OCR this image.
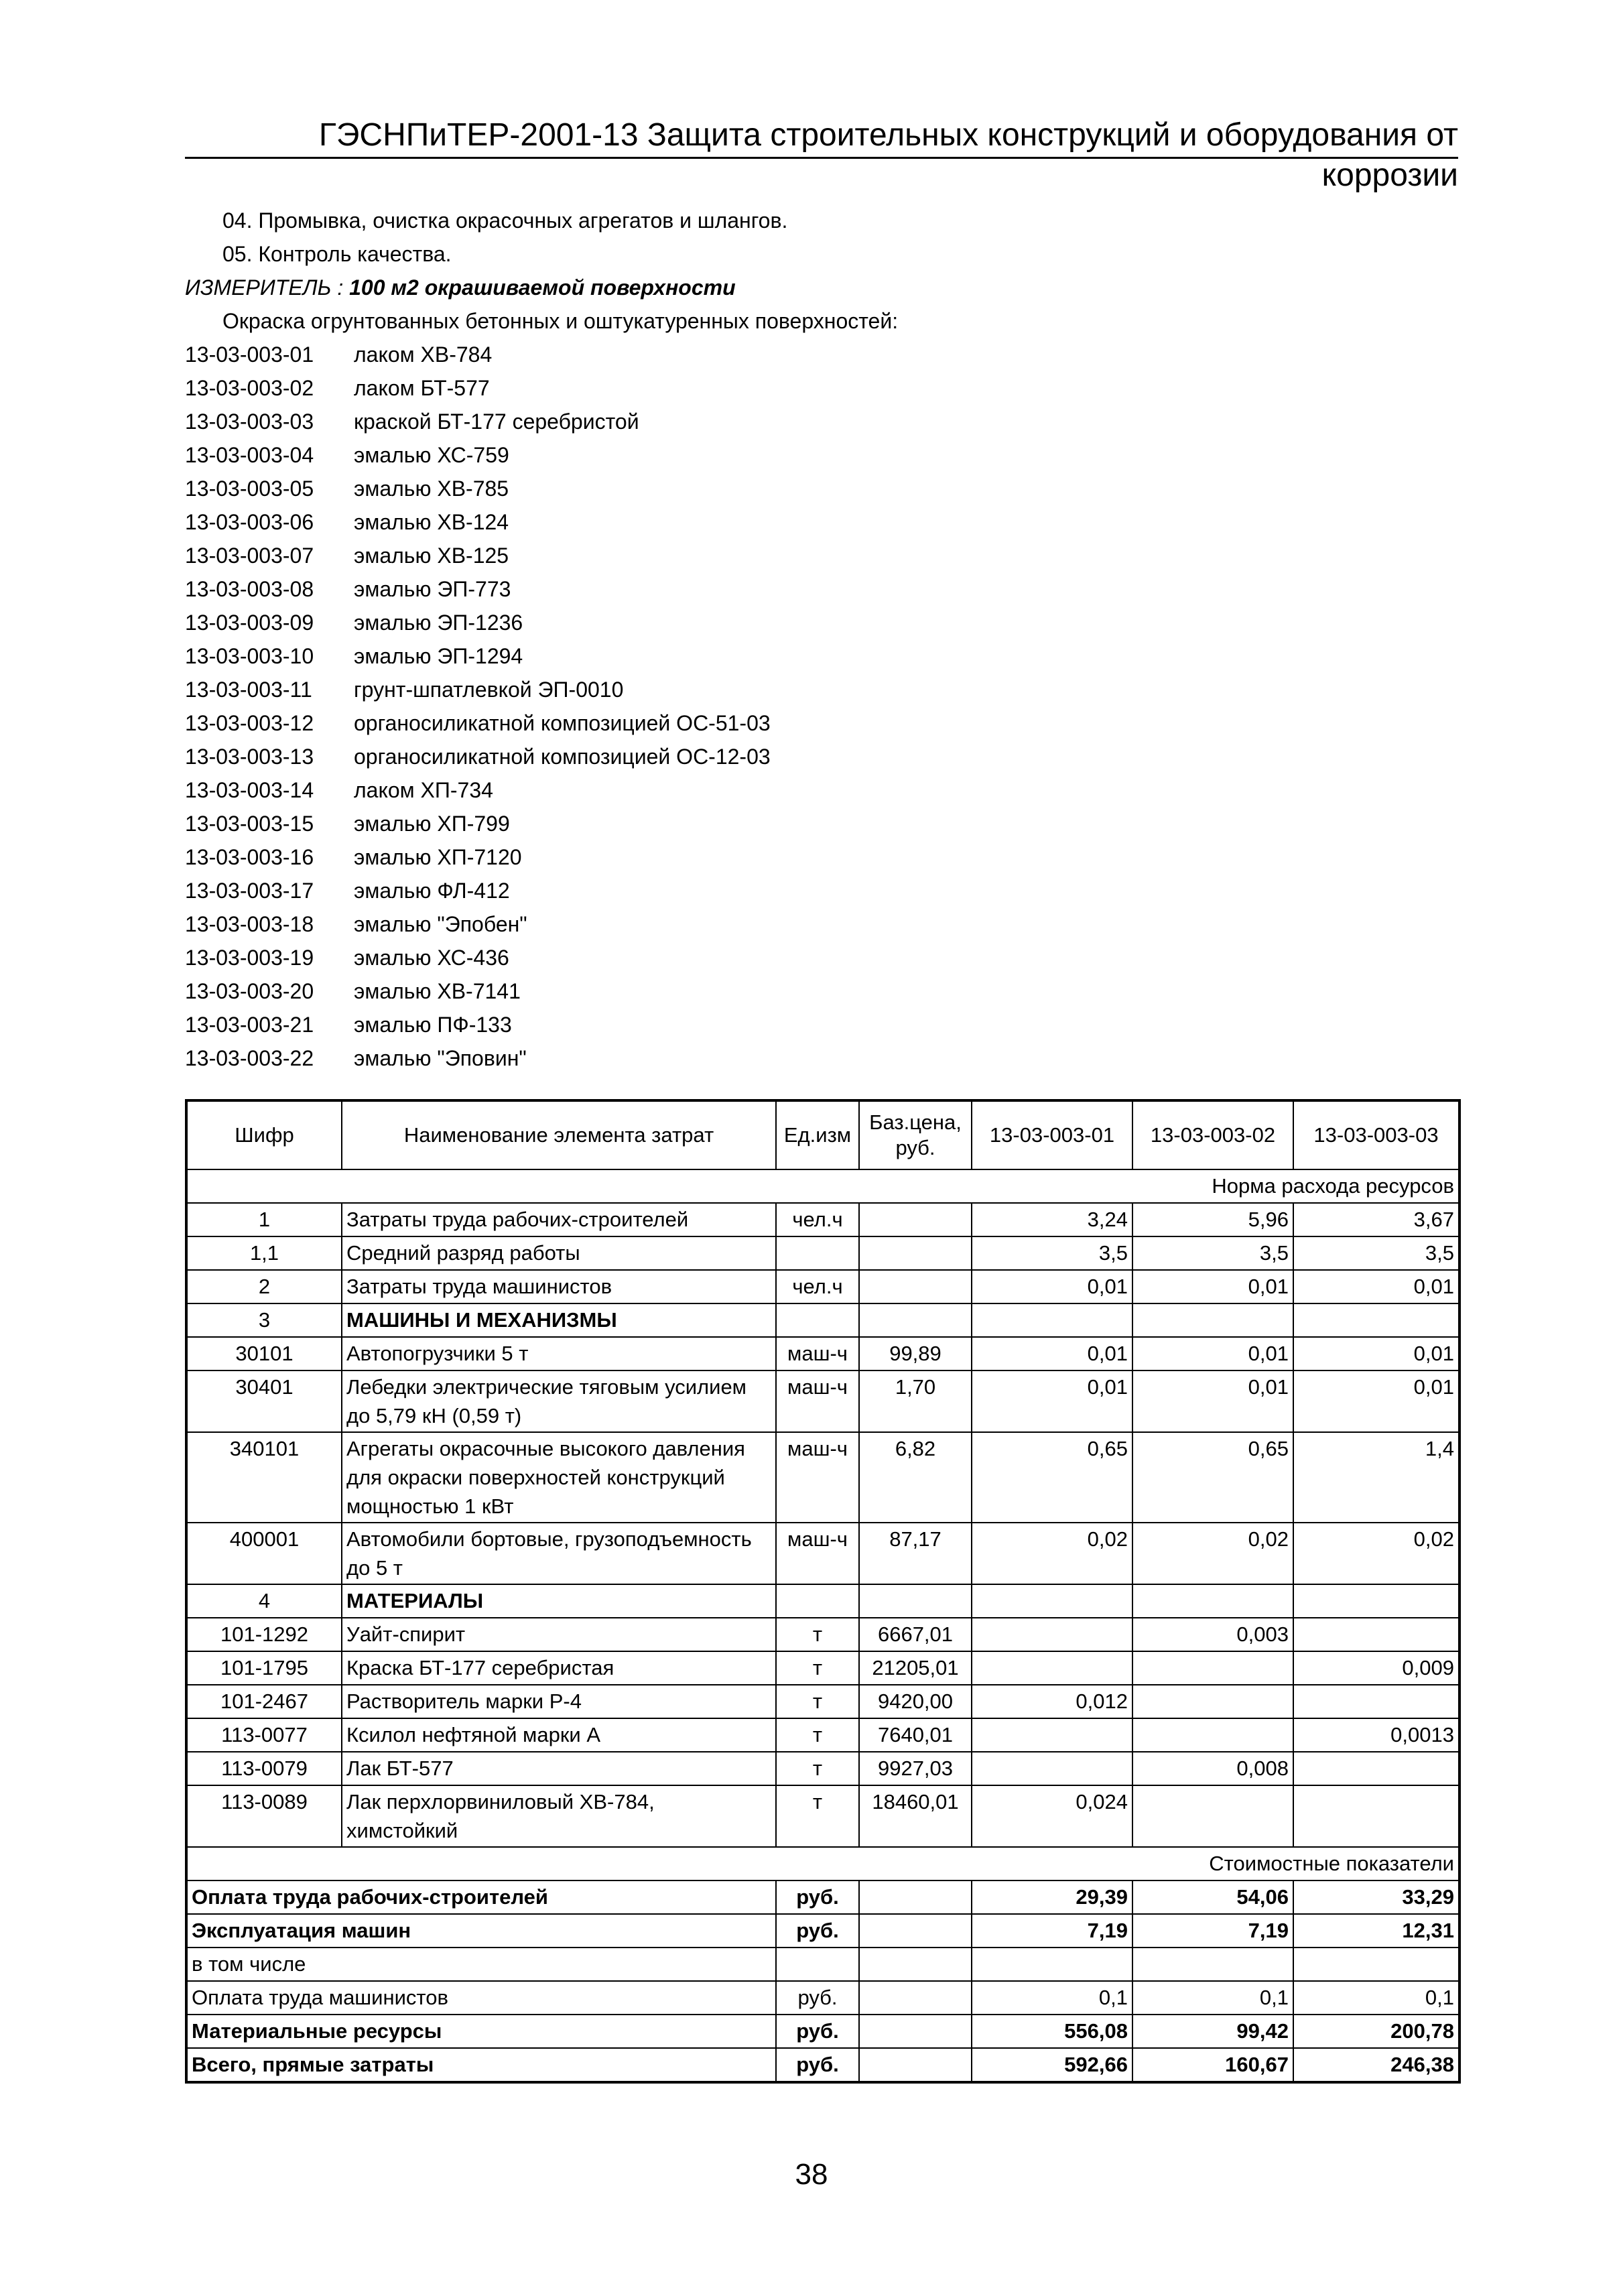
ГЭСНПиТЕР-2001-13 Защита строительных конструкций и оборудования от коррозии
04. Промывка, очистка окрасочных агрегатов и шлангов.
05. Контроль качества.
ИЗМЕРИТЕЛЬ : 100 м2 окрашиваемой поверхности
Окраска огрунтованных бетонных и оштукатуренных поверхностей:
13-03-003-01	лаком ХВ-784
13-03-003-02	лаком БТ-577
13-03-003-03	краской БТ-177 серебристой
13-03-003-04	эмалью ХС-759
13-03-003-05	эмалью ХВ-785
13-03-003-06	эмалью ХВ-124
13-03-003-07	эмалью ХВ-125
13-03-003-08	эмалью ЭП-773
13-03-003-09	эмалью ЭП-1236
13-03-003-10	эмалью ЭП-1294
13-03-003-11	грунт-шпатлевкой ЭП-0010
13-03-003-12	органосиликатной композицией ОС-51-03
13-03-003-13	органосиликатной композицией ОС-12-03
13-03-003-14	лаком ХП-734
13-03-003-15	эмалью ХП-799
13-03-003-16	эмалью ХП-7120
13-03-003-17	эмалью ФЛ-412
13-03-003-18	эмалью "Эпобен"
13-03-003-19	эмалью ХС-436
13-03-003-20	эмалью ХВ-7141
13-03-003-21	эмалью ПФ-133
13-03-003-22	эмалью "Эповин"
Шифр	Наименование элемента затрат	Ед.изм	Баз.цена, руб.	13-03-003-01	13-03-003-02	13-03-003-03
Норма расхода ресурсов						
1	Затраты труда рабочих-строителей	чел.ч		3,24	5,96	3,67
1,1	Средний разряд работы			3,5	3,5	3,5
2	Затраты труда машинистов	чел.ч		0,01	0,01	0,01
3	МАШИНЫ И МЕХАНИЗМЫ					
30101	Автопогрузчики 5 т	маш-ч	99,89	0,01	0,01	0,01
30401	Лебедки электрические тяговым усилием до 5,79 кН (0,59 т)	маш-ч	1,70	0,01	0,01	0,01
340101	Агрегаты окрасочные высокого давления для окраски поверхностей конструкций мощностью 1 кВт	маш-ч	6,82	0,65	0,65	1,4
400001	Автомобили бортовые, грузоподъемность до 5 т	маш-ч	87,17	0,02	0,02	0,02
4	МАТЕРИАЛЫ					
101-1292	Уайт-спирит	т	6667,01		0,003	
101-1795	Краска БТ-177 серебристая	т	21205,01			0,009
101-2467	Растворитель марки Р-4	т	9420,00	0,012		
113-0077	Ксилол нефтяной марки А	т	7640,01			0,0013
113-0079	Лак БТ-577	т	9927,03		0,008	
113-0089	Лак перхлорвиниловый ХВ-784, химстойкий	т	18460,01	0,024		
Стоимостные показатели						
Оплата труда рабочих-строителей		руб.		29,39	54,06	33,29
Эксплуатация машин		руб.		7,19	7,19	12,31
в том числе						
Оплата труда машинистов		руб.		0,1	0,1	0,1
Материальные ресурсы		руб.		556,08	99,42	200,78
Всего, прямые затраты		руб.		592,66	160,67	246,38
38
